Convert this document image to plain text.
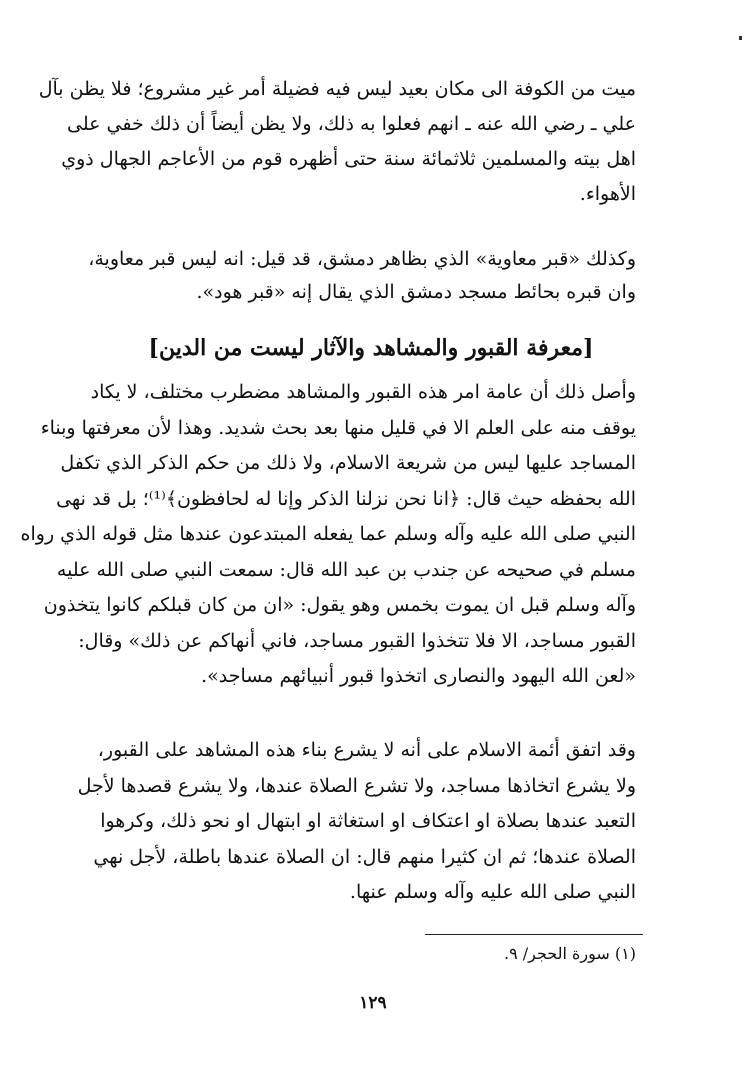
ميت من الكوفة الى مكان بعيد ليس فيه فضيلة أمر غير مشروع؛ فلا يظن بآل
علي ـ رضي الله عنه ـ انهم فعلوا به ذلك، ولا يظن أيضاً أن ذلك خفي على
اهل بيته والمسلمين ثلاثمائة سنة حتى أظهره قوم من الأعاجم الجهال ذوي
الأهواء.
وكذلك «قبر معاوية» الذي بظاهر دمشق، قد قيل: انه ليس قبر معاوية،
وان قبره بحائط مسجد دمشق الذي يقال إنه «قبر هود».
[معرفة القبور والمشاهد والآثار ليست من الدين]
وأصل ذلك أن عامة امر هذه القبور والمشاهد مضطرب مختلف، لا يكاد
يوقف منه على العلم الا في قليل منها بعد بحث شديد. وهذا لأن معرفتها وبناء
المساجد عليها ليس من شريعة الاسلام، ولا ذلك من حكم الذكر الذي تكفل
الله بحفظه حيث قال: ﴿انا نحن نزلنا الذكر وإنا له لحافظون﴾⁽¹⁾؛ بل قد نهى
النبي صلى الله عليه وآله وسلم عما يفعله المبتدعون عندها مثل قوله الذي رواه
مسلم في صحيحه عن جندب بن عبد الله قال: سمعت النبي صلى الله عليه
وآله وسلم قبل ان يموت بخمس وهو يقول: «ان من كان قبلكم كانوا يتخذون
القبور مساجد، الا فلا تتخذوا القبور مساجد، فاني أنهاكم عن ذلك» وقال:
«لعن الله اليهود والنصارى اتخذوا قبور أنبيائهم مساجد».
وقد اتفق أئمة الاسلام على أنه لا يشرع بناء هذه المشاهد على القبور،
ولا يشرع اتخاذها مساجد، ولا تشرع الصلاة عندها، ولا يشرع قصدها لأجل
التعبد عندها بصلاة او اعتكاف او استغاثة او ابتهال او نحو ذلك، وكرهوا
الصلاة عندها؛ ثم ان كثيرا منهم قال: ان الصلاة عندها باطلة، لأجل نهي
النبي صلى الله عليه وآله وسلم عنها.
(١) سورة الحجر/ ٩.
١٢٩
